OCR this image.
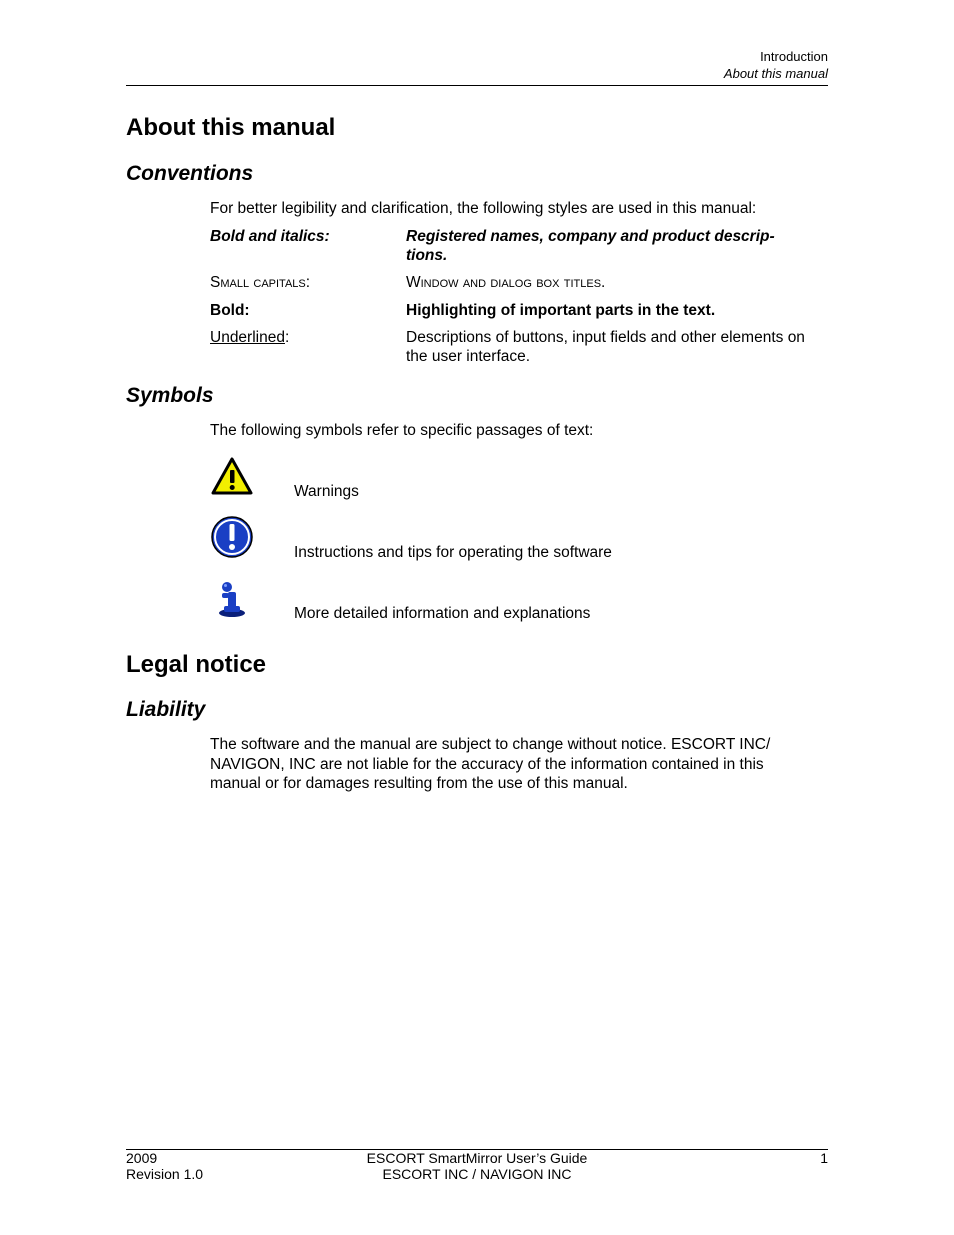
Introduction
About this manual
About this manual
Conventions
For better legibility and clarification, the following styles are used in this manual:
Bold and italics:	Registered names, company and product descrip-
tions.
Small capitals:	Window and dialog box titles.
Bold:	Highlighting of important parts in the text.
Underlined:	Descriptions of buttons, input fields and other elements on
the user interface.
Symbols
The following symbols refer to specific passages of text:
Warnings
Instructions and tips for operating the software
More detailed information and explanations
Legal notice
Liability
The software and the manual are subject to change without notice. ESCORT INC/
NAVIGON, INC are not liable for the accuracy of the information contained in this
manual or for damages resulting from the use of this manual.
2009
Revision 1.0
ESCORT SmartMirror User’s Guide
ESCORT INC / NAVIGON INC
1
